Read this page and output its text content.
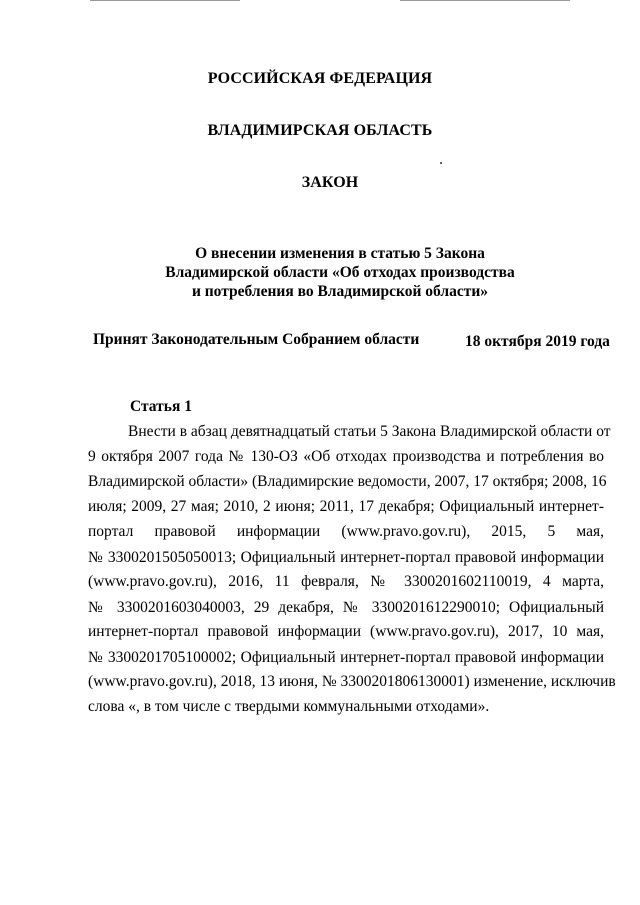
РОССИЙСКАЯ ФЕДЕРАЦИЯ
ВЛАДИМИРСКАЯ ОБЛАСТЬ
ЗАКОН
О внесении изменения в статью 5 Закона
Владимирской области «Об отходах производства
и потребления во Владимирской области»
Принят Законодательным Собранием области	18 октября 2019 года
Статья 1
Внести в абзац девятнадцатый статьи 5 Закона Владимирской области от
9 октября 2007 года № 130-ОЗ «Об отходах производства и потребления во
Владимирской области» (Владимирские ведомости, 2007, 17 октября; 2008, 16
июля; 2009, 27 мая; 2010, 2 июня; 2011, 17 декабря; Официальный интернет-
портал правовой информации (www.pravo.gov.ru), 2015, 5 мая,
№ 3300201505050013; Официальный интернет-портал правовой информации
(www.pravo.gov.ru), 2016, 11 февраля, № 3300201602110019, 4 марта,
№ 3300201603040003, 29 декабря, № 3300201612290010; Официальный
интернет-портал правовой информации (www.pravo.gov.ru), 2017, 10 мая,
№ 3300201705100002; Официальный интернет-портал правовой информации
(www.pravo.gov.ru), 2018, 13 июня, № 3300201806130001) изменение, исключив
слова «, в том числе с твердыми коммунальными отходами».
